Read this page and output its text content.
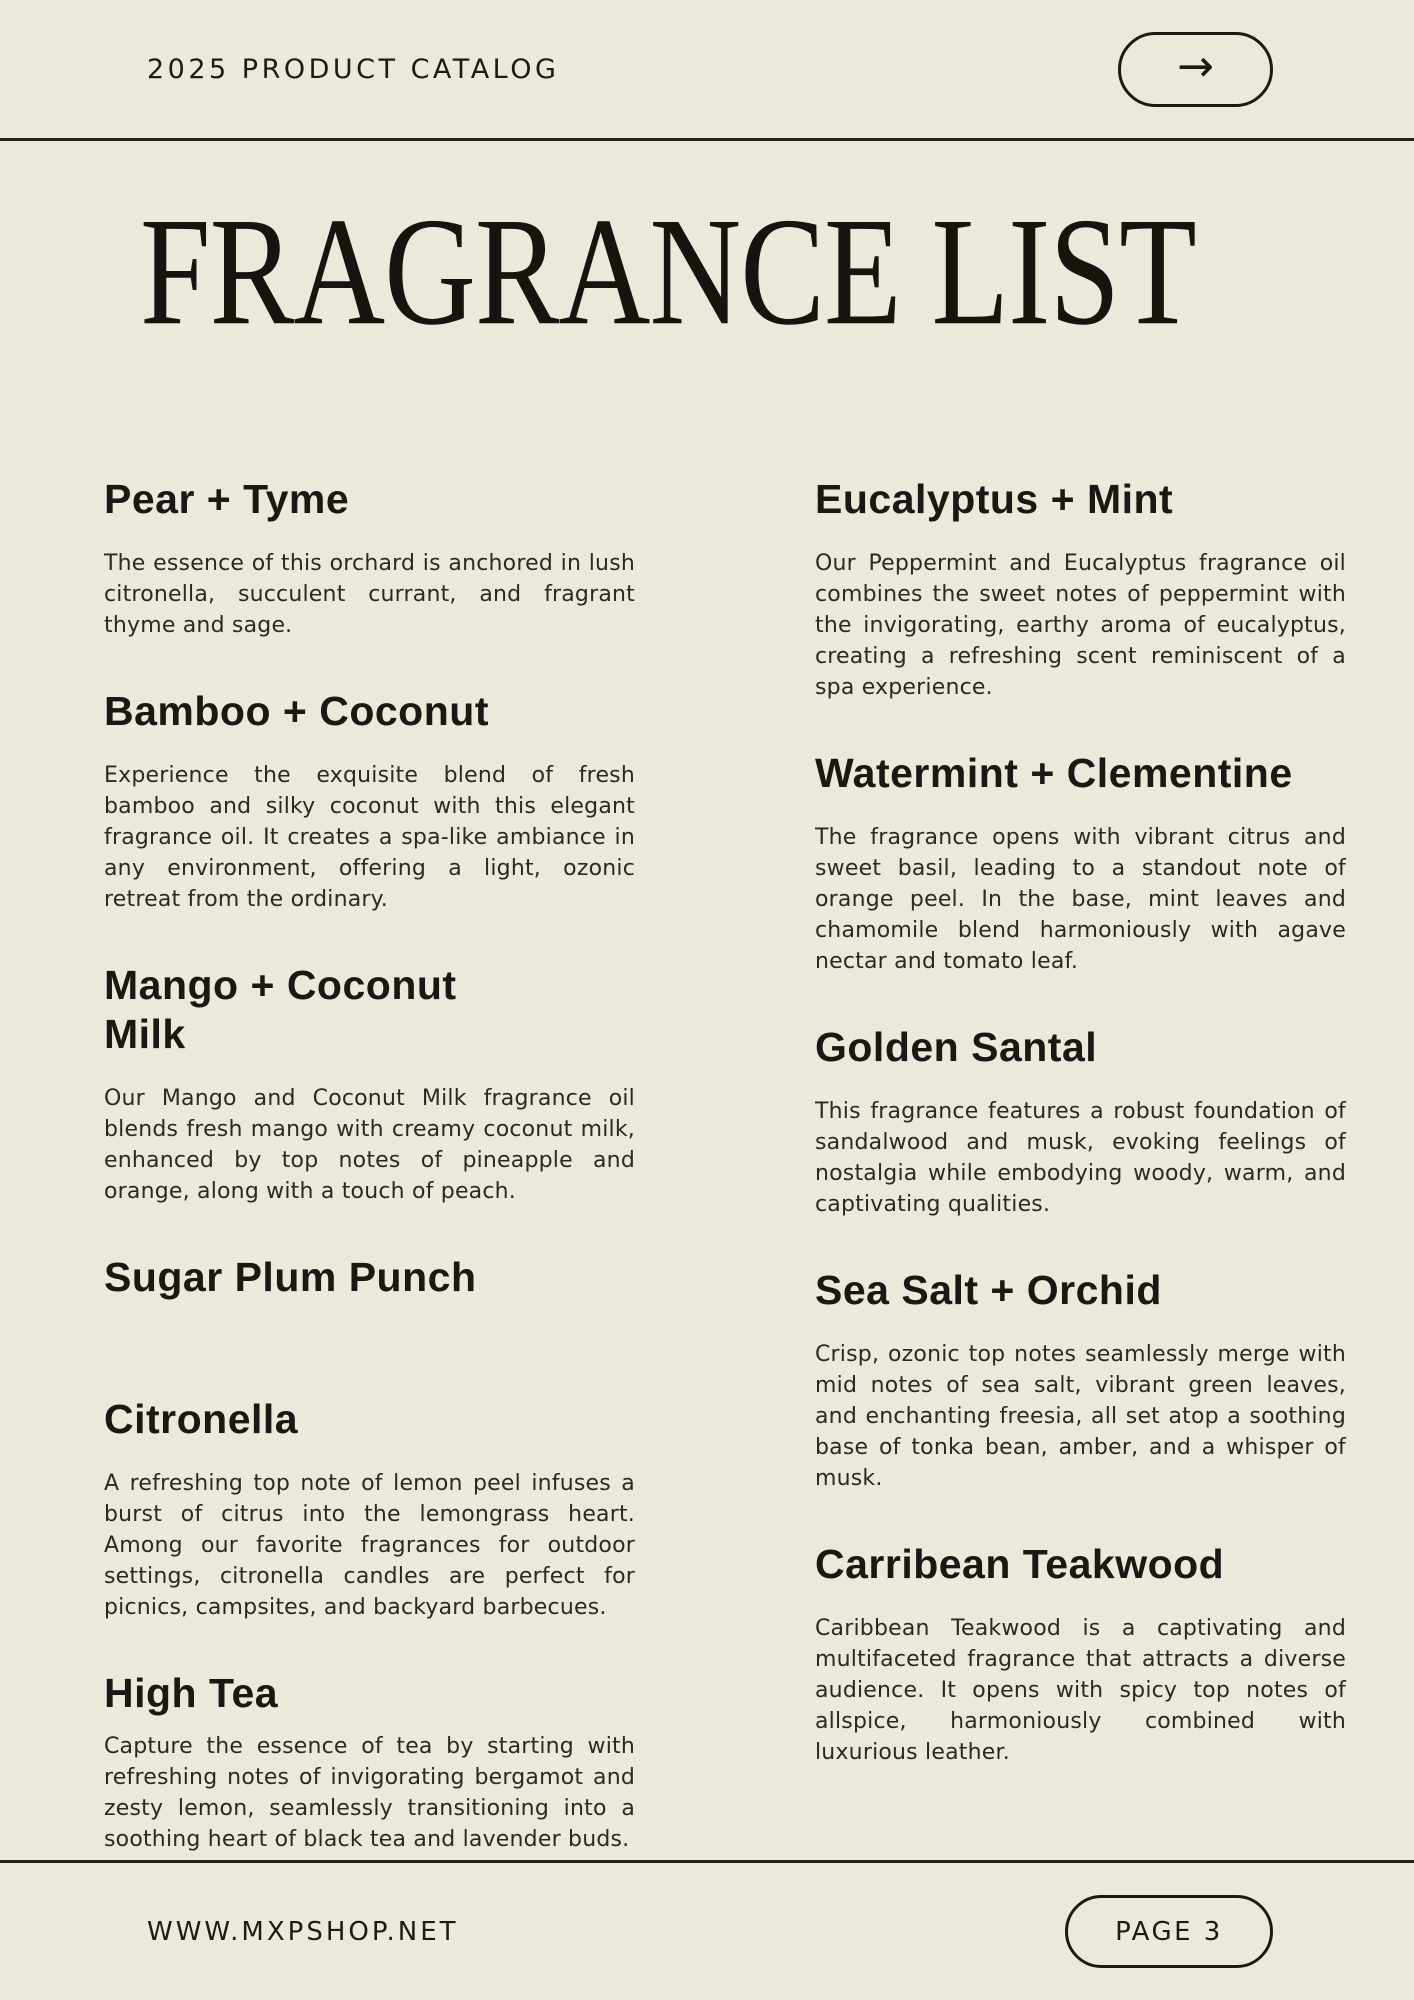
2025 PRODUCT CATALOG	→
FRAGRANCE LIST
Pear + Tyme

The essence of this orchard is anchored in lush citronella, succulent currant, and fragrant thyme and sage.

Bamboo + Coconut

Experience the exquisite blend of fresh bamboo and silky coconut with this elegant fragrance oil. It creates a spa-like ambiance in any environment, offering a light, ozonic retreat from the ordinary.

Mango + Coconut Milk

Our Mango and Coconut Milk fragrance oil blends fresh mango with creamy coconut milk, enhanced by top notes of pineapple and orange, along with a touch of peach.

Sugar Plum Punch
Citronella

A refreshing top note of lemon peel infuses a burst of citrus into the lemongrass heart. Among our favorite fragrances for outdoor settings, citronella candles are perfect for picnics, campsites, and backyard barbecues.

High Tea

Capture the essence of tea by starting with refreshing notes of invigorating bergamot and zesty lemon, seamlessly transitioning into a soothing heart of black tea and lavender buds.

Eucalyptus + Mint

Our Peppermint and Eucalyptus fragrance oil combines the sweet notes of peppermint with the invigorating, earthy aroma of eucalyptus, creating a refreshing scent reminiscent of a spa experience.

Watermint + Clementine

The fragrance opens with vibrant citrus and sweet basil, leading to a standout note of orange peel. In the base, mint leaves and chamomile blend harmoniously with agave nectar and tomato leaf.

Golden Santal

This fragrance features a robust foundation of sandalwood and musk, evoking feelings of nostalgia while embodying woody, warm, and captivating qualities.

Sea Salt + Orchid

Crisp, ozonic top notes seamlessly merge with mid notes of sea salt, vibrant green leaves, and enchanting freesia, all set atop a soothing base of tonka bean, amber, and a whisper of musk.

Carribean Teakwood

Caribbean Teakwood is a captivating and multifaceted fragrance that attracts a diverse audience. It opens with spicy top notes of allspice, harmoniously combined with luxurious leather.

WWW.MXPSHOP.NET	PAGE 3
